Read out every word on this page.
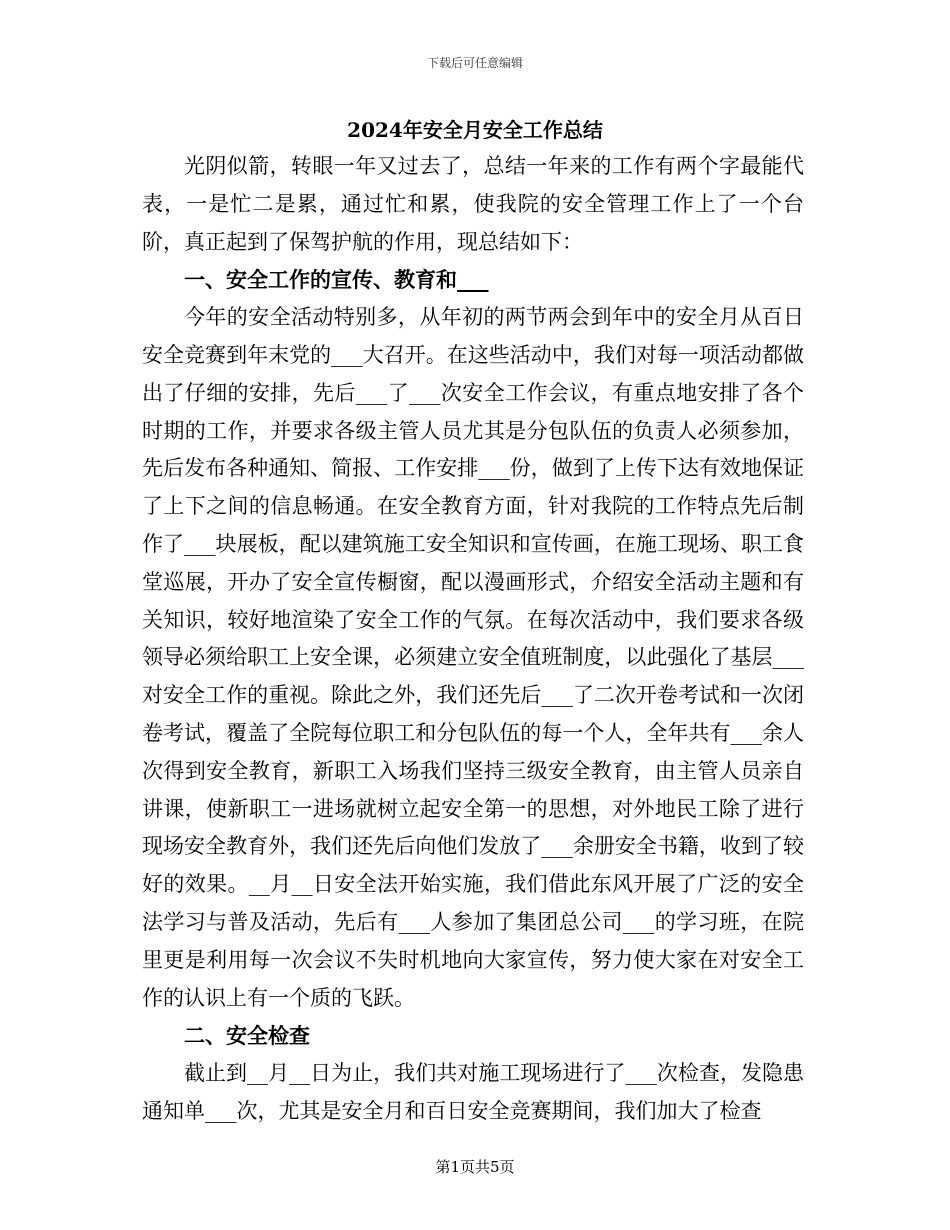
下载后可任意编辑
2024年安全月安全工作总结

光阴似箭，转眼一年又过去了，总结一年来的工作有两个字最能代表，一是忙二是累，通过忙和累，使我院的安全管理工作上了一个台阶，真正起到了保驾护航的作用，现总结如下：

一、安全工作的宣传、教育和___

今年的安全活动特别多，从年初的两节两会到年中的安全月从百日安全竞赛到年末党的___大召开。在这些活动中，我们对每一项活动都做出了仔细的安排，先后___了___次安全工作会议，有重点地安排了各个时期的工作，并要求各级主管人员尤其是分包队伍的负责人必须参加，先后发布各种通知、简报、工作安排___份，做到了上传下达有效地保证了上下之间的信息畅通。在安全教育方面，针对我院的工作特点先后制作了___块展板，配以建筑施工安全知识和宣传画，在施工现场、职工食堂巡展，开办了安全宣传橱窗，配以漫画形式，介绍安全活动主题和有关知识，较好地渲染了安全工作的气氛。在每次活动中，我们要求各级领导必须给职工上安全课，必须建立安全值班制度，以此强化了基层___对安全工作的重视。除此之外，我们还先后___了二次开卷考试和一次闭卷考试，覆盖了全院每位职工和分包队伍的每一个人，全年共有___余人次得到安全教育，新职工入场我们坚持三级安全教育，由主管人员亲自讲课，使新职工一进场就树立起安全第一的思想，对外地民工除了进行现场安全教育外，我们还先后向他们发放了___余册安全书籍，收到了较好的效果。__月__日安全法开始实施，我们借此东风开展了广泛的安全法学习与普及活动，先后有___人参加了集团总公司___的学习班，在院里更是利用每一次会议不失时机地向大家宣传，努力使大家在对安全工作的认识上有一个质的飞跃。

二、安全检查

截止到__月__日为止，我们共对施工现场进行了___次检查，发隐患通知单___次，尤其是安全月和百日安全竞赛期间，我们加大了检查

第1页共5页
